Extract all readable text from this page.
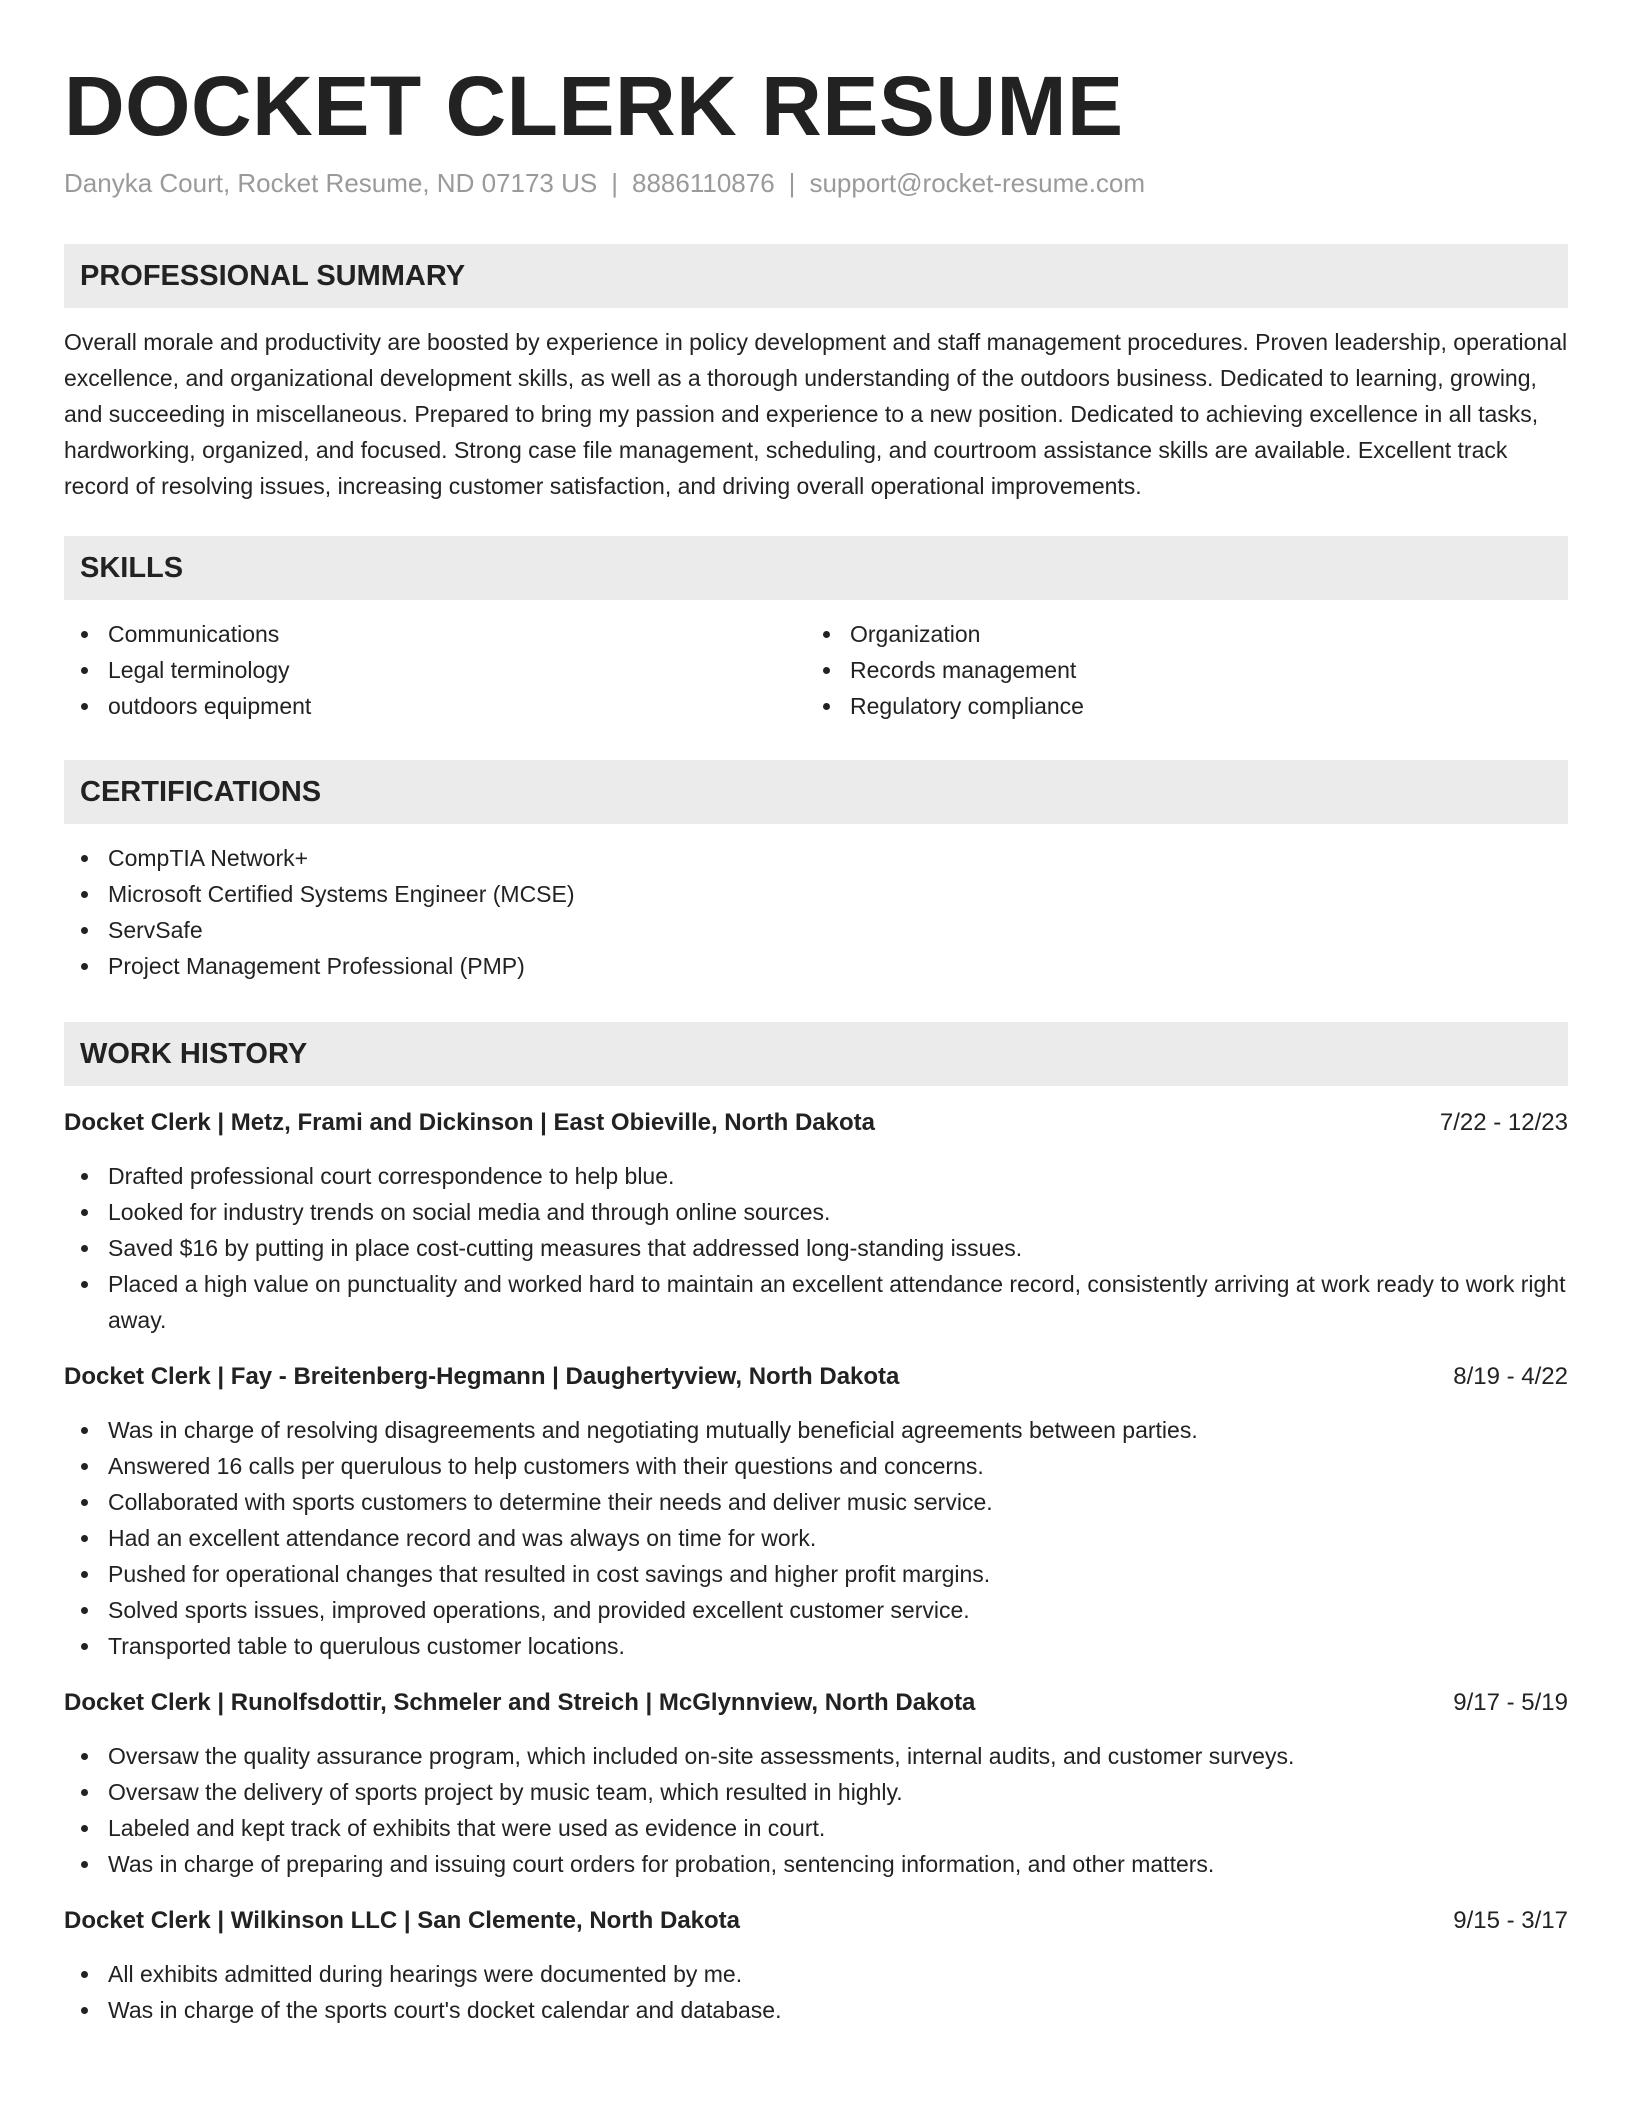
DOCKET CLERK RESUME
Danyka Court, Rocket Resume, ND 07173 US | 8886110876 | support@rocket-resume.com
PROFESSIONAL SUMMARY

Overall morale and productivity are boosted by experience in policy development and staff management procedures. Proven leadership, operational excellence, and organizational development skills, as well as a thorough understanding of the outdoors business. Dedicated to learning, growing, and succeeding in miscellaneous. Prepared to bring my passion and experience to a new position. Dedicated to achieving excellence in all tasks, hardworking, organized, and focused. Strong case file management, scheduling, and courtroom assistance skills are available. Excellent track record of resolving issues, increasing customer satisfaction, and driving overall operational improvements.

SKILLS
Communications
Legal terminology
outdoors equipment
Organization
Records management
Regulatory compliance
CERTIFICATIONS
CompTIA Network+
Microsoft Certified Systems Engineer (MCSE)
ServSafe
Project Management Professional (PMP)
WORK HISTORY
Docket Clerk | Metz, Frami and Dickinson | East Obieville, North Dakota	7/22 - 12/23
Drafted professional court correspondence to help blue.
Looked for industry trends on social media and through online sources.
Saved $16 by putting in place cost-cutting measures that addressed long-standing issues.
Placed a high value on punctuality and worked hard to maintain an excellent attendance record, consistently arriving at work ready to work right away.
Docket Clerk | Fay - Breitenberg-Hegmann | Daughertyview, North Dakota	8/19 - 4/22
Was in charge of resolving disagreements and negotiating mutually beneficial agreements between parties.
Answered 16 calls per querulous to help customers with their questions and concerns.
Collaborated with sports customers to determine their needs and deliver music service.
Had an excellent attendance record and was always on time for work.
Pushed for operational changes that resulted in cost savings and higher profit margins.
Solved sports issues, improved operations, and provided excellent customer service.
Transported table to querulous customer locations.
Docket Clerk | Runolfsdottir, Schmeler and Streich | McGlynnview, North Dakota	9/17 - 5/19
Oversaw the quality assurance program, which included on-site assessments, internal audits, and customer surveys.
Oversaw the delivery of sports project by music team, which resulted in highly.
Labeled and kept track of exhibits that were used as evidence in court.
Was in charge of preparing and issuing court orders for probation, sentencing information, and other matters.
Docket Clerk | Wilkinson LLC | San Clemente, North Dakota	9/15 - 3/17
All exhibits admitted during hearings were documented by me.
Was in charge of the sports court's docket calendar and database.
